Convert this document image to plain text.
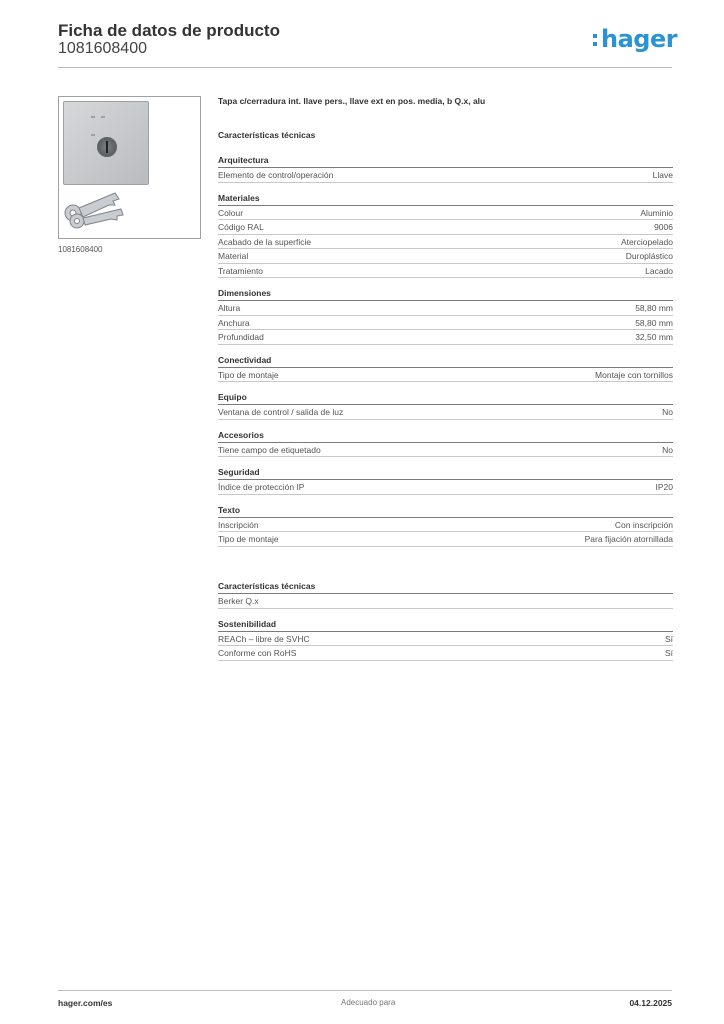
Ficha de datos de producto
1081608400	hager
1081608400
Tapa c/cerradura int. llave pers., llave ext en pos. media, b Q.x, alu
Características técnicas
Arquitectura
Elemento de control/operación	Llave
Materiales
Colour	Aluminio
Código RAL	9006
Acabado de la superficie	Aterciopelado
Material	Duroplástico
Tratamiento	Lacado
Dimensiones
Altura	58,80 mm
Anchura	58,80 mm
Profundidad	32,50 mm
Conectividad
Tipo de montaje	Montaje con tornillos
Equipo
Ventana de control / salida de luz	No
Accesorios
Tiene campo de etiquetado	No
Seguridad
Índice de protección IP	IP20
Texto
Inscripción	Con inscripción
Tipo de montaje	Para fijación atornillada
Características técnicas
Berker Q.x
Sostenibilidad
REACh – libre de SVHC	Sí
Conforme con RoHS	Sí
hager.com/es	Adecuado para	04.12.2025
